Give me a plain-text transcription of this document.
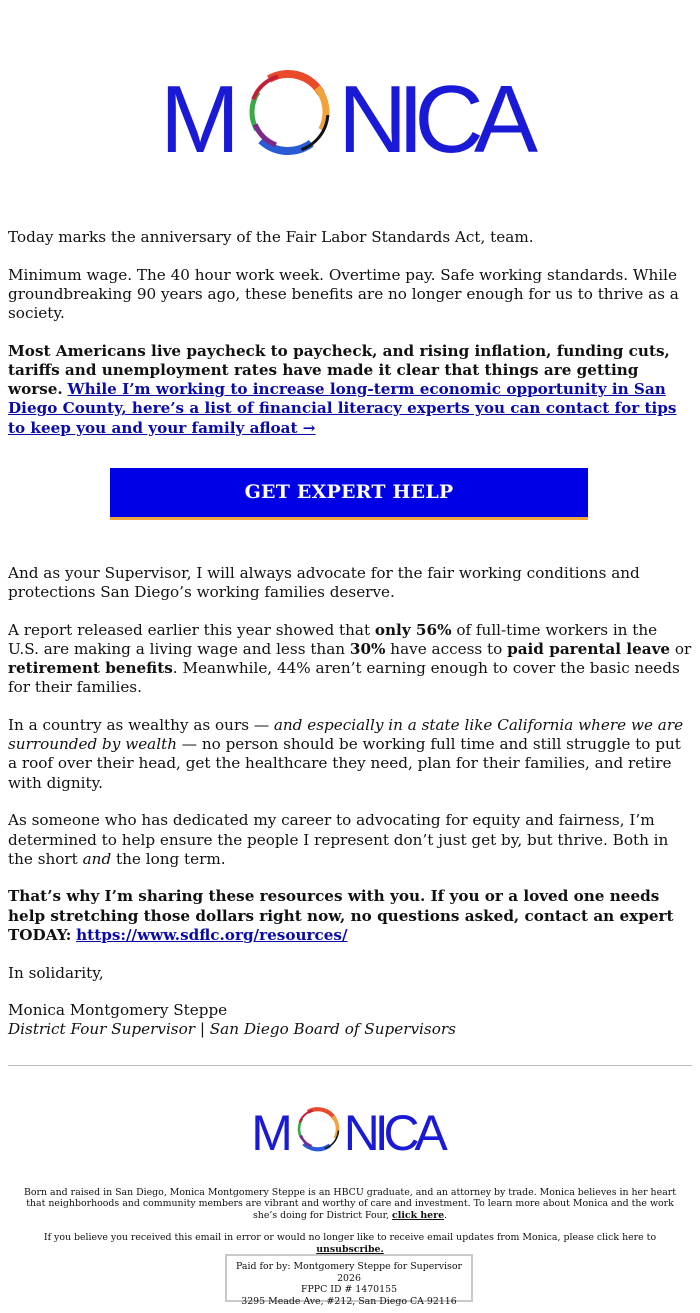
M NICA

Today marks the anniversary of the Fair Labor Standards Act, team.

Minimum wage. The 40 hour work week. Overtime pay. Safe working standards. While groundbreaking 90 years ago, these benefits are no longer enough for us to thrive as a society.

Most Americans live paycheck to paycheck, and rising inflation, funding cuts, tariffs and unemployment rates have made it clear that things are getting worse. While I’m working to increase long-term economic opportunity in San Diego County, here’s a list of financial literacy experts you can contact for tips to keep you and your family afloat →

GET EXPERT HELP

And as your Supervisor, I will always advocate for the fair working conditions and protections San Diego’s working families deserve.

A report released earlier this year showed that only 56% of full-time workers in the U.S. are making a living wage and less than 30% have access to paid parental leave or retirement benefits. Meanwhile, 44% aren’t earning enough to cover the basic needs for their families.

In a country as wealthy as ours — and especially in a state like California where we are surrounded by wealth — no person should be working full time and still struggle to put a roof over their head, get the healthcare they need, plan for their families, and retire with dignity.

As someone who has dedicated my career to advocating for equity and fairness, I’m determined to help ensure the people I represent don’t just get by, but thrive. Both in the short and the long term.

That’s why I’m sharing these resources with you. If you or a loved one needs help stretching those dollars right now, no questions asked, contact an expert TODAY: https://www.sdflc.org/resources/

In solidarity,

Monica Montgomery Steppe
District Four Supervisor | San Diego Board of Supervisors

M NICA

Born and raised in San Diego, Monica Montgomery Steppe is an HBCU graduate, and an attorney by trade. Monica believes in her heart that neighborhoods and community members are vibrant and worthy of care and investment. To learn more about Monica and the work she’s doing for District Four, click here.

If you believe you received this email in error or would no longer like to receive email updates from Monica, please click here to unsubscribe.

Paid for by: Montgomery Steppe for Supervisor 2026
FPPC ID # 1470155
3295 Meade Ave, #212, San Diego CA 92116
